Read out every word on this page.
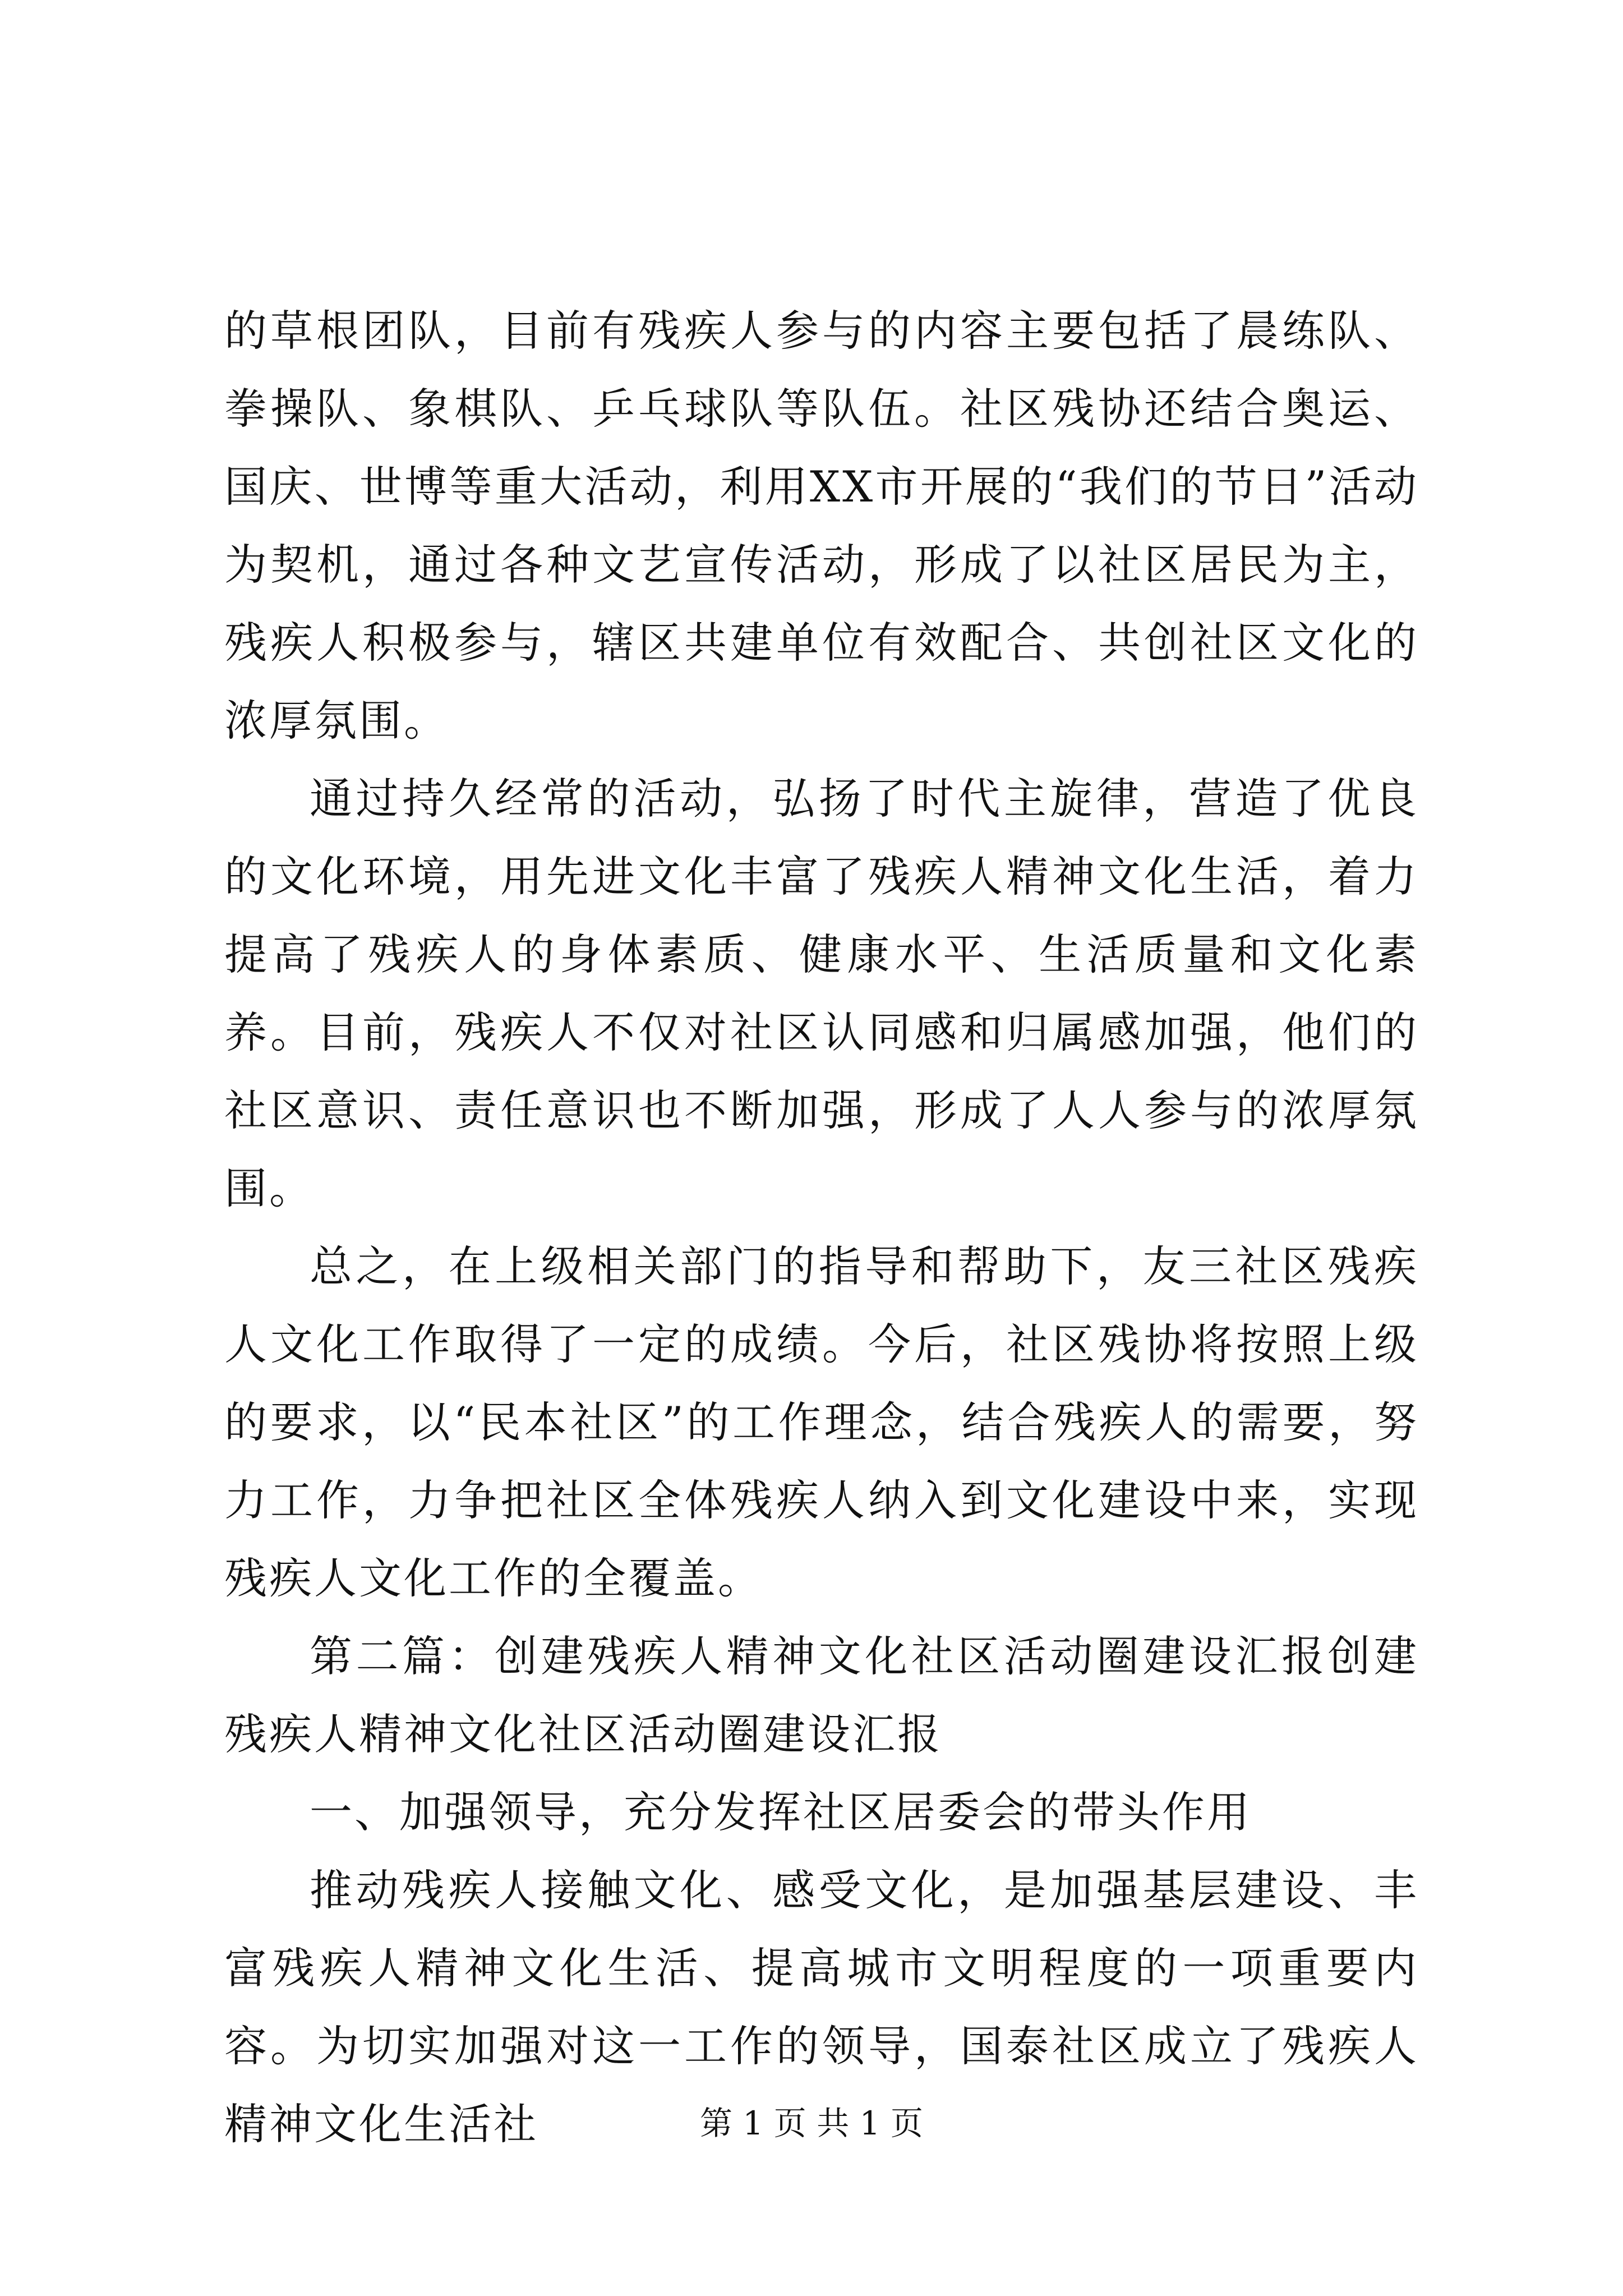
的草根团队，目前有残疾人参与的内容主要包括了晨练队、拳操队、象棋队、乒乓球队等队伍。社区残协还结合奥运、国庆、世博等重大活动，利用XX市开展的“我们的节日”活动为契机，通过各种文艺宣传活动，形成了以社区居民为主，残疾人积极参与，辖区共建单位有效配合、共创社区文化的浓厚氛围。

通过持久经常的活动，弘扬了时代主旋律，营造了优良的文化环境，用先进文化丰富了残疾人精神文化生活，着力提高了残疾人的身体素质、健康水平、生活质量和文化素养。目前，残疾人不仅对社区认同感和归属感加强，他们的社区意识、责任意识也不断加强，形成了人人参与的浓厚氛围。

总之，在上级相关部门的指导和帮助下，友三社区残疾人文化工作取得了一定的成绩。今后，社区残协将按照上级的要求，以“民本社区”的工作理念，结合残疾人的需要，努力工作，力争把社区全体残疾人纳入到文化建设中来，实现残疾人文化工作的全覆盖。

第二篇：创建残疾人精神文化社区活动圈建设汇报创建残疾人精神文化社区活动圈建设汇报

一、加强领导，充分发挥社区居委会的带头作用

推动残疾人接触文化、感受文化，是加强基层建设、丰富残疾人精神文化生活、提高城市文明程度的一项重要内容。为切实加强对这一工作的领导，国泰社区成立了残疾人精神文化生活社	第 1 页 共 1 页
